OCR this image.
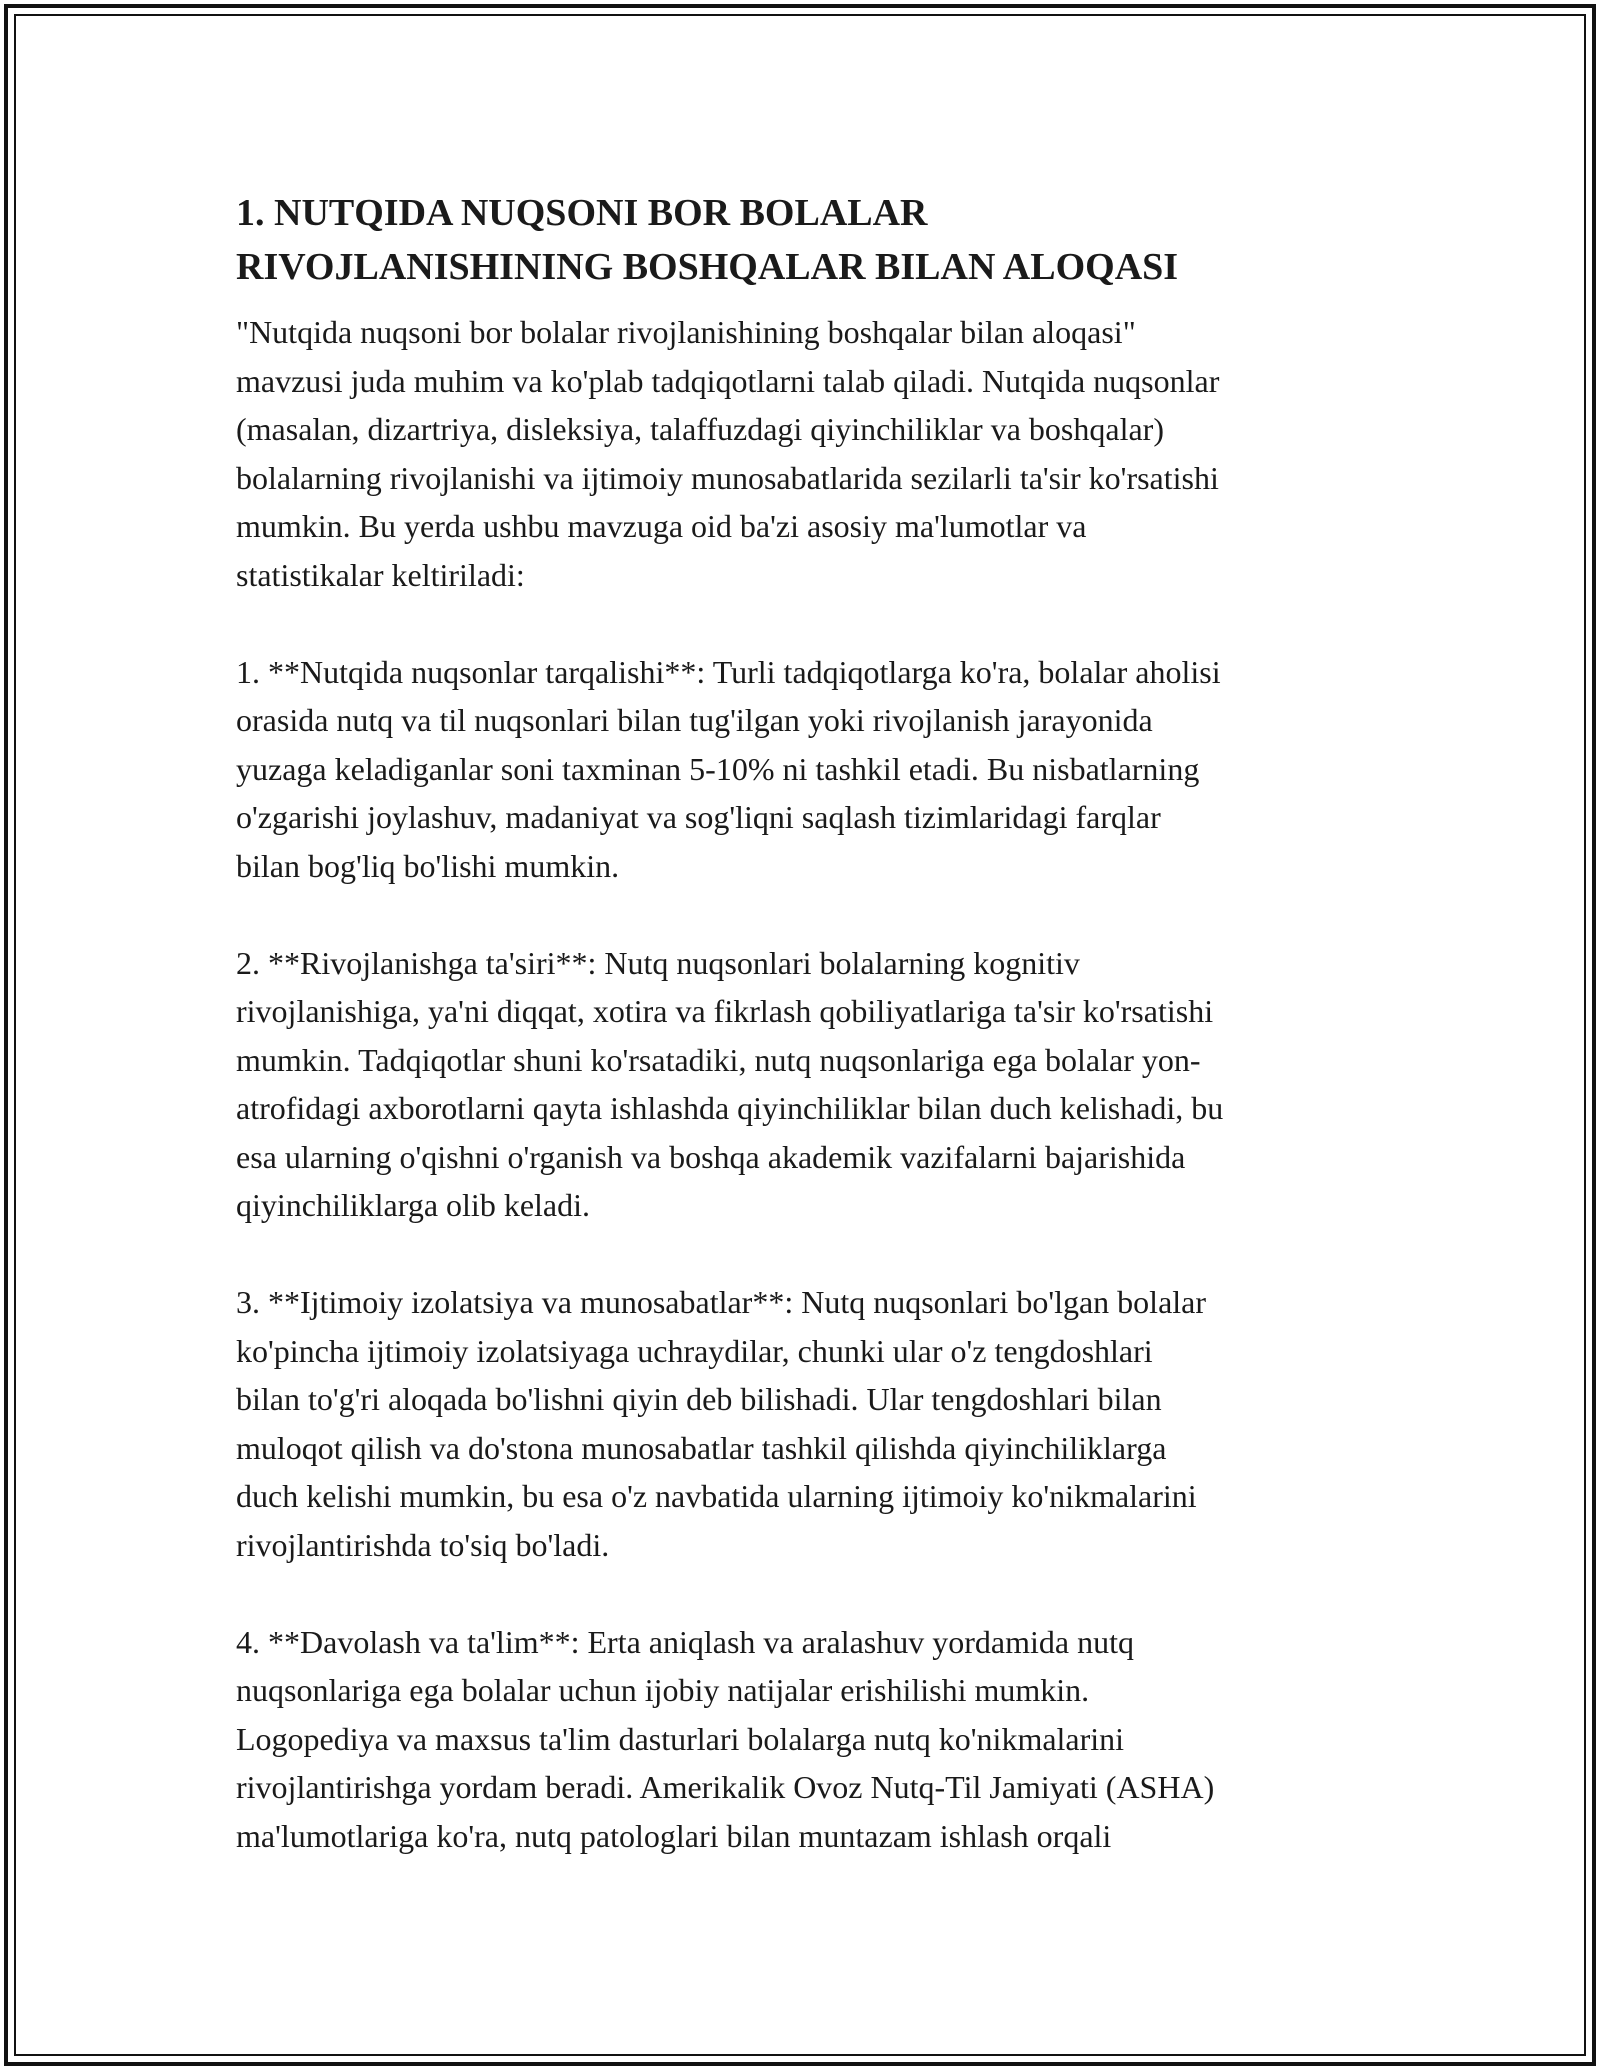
1. NUTQIDA NUQSONI BOR BOLALAR
RIVOJLANISHINING BOSHQALAR BILAN ALOQASI
"Nutqida nuqsoni bor bolalar rivojlanishining boshqalar bilan aloqasi"
mavzusi juda muhim va ko'plab tadqiqotlarni talab qiladi. Nutqida nuqsonlar
(masalan, dizartriya, disleksiya, talaffuzdagi qiyinchiliklar va boshqalar)
bolalarning rivojlanishi va ijtimoiy munosabatlarida sezilarli ta'sir ko'rsatishi
mumkin. Bu yerda ushbu mavzuga oid ba'zi asosiy ma'lumotlar va
statistikalar keltiriladi:
1. **Nutqida nuqsonlar tarqalishi**: Turli tadqiqotlarga ko'ra, bolalar aholisi
orasida nutq va til nuqsonlari bilan tug'ilgan yoki rivojlanish jarayonida
yuzaga keladiganlar soni taxminan 5-10% ni tashkil etadi. Bu nisbatlarning
o'zgarishi joylashuv, madaniyat va sog'liqni saqlash tizimlaridagi farqlar
bilan bog'liq bo'lishi mumkin.
2. **Rivojlanishga ta'siri**: Nutq nuqsonlari bolalarning kognitiv
rivojlanishiga, ya'ni diqqat, xotira va fikrlash qobiliyatlariga ta'sir ko'rsatishi
mumkin. Tadqiqotlar shuni ko'rsatadiki, nutq nuqsonlariga ega bolalar yon-
atrofidagi axborotlarni qayta ishlashda qiyinchiliklar bilan duch kelishadi, bu
esa ularning o'qishni o'rganish va boshqa akademik vazifalarni bajarishida
qiyinchiliklarga olib keladi.
3. **Ijtimoiy izolatsiya va munosabatlar**: Nutq nuqsonlari bo'lgan bolalar
ko'pincha ijtimoiy izolatsiyaga uchraydilar, chunki ular o'z tengdoshlari
bilan to'g'ri aloqada bo'lishni qiyin deb bilishadi. Ular tengdoshlari bilan
muloqot qilish va do'stona munosabatlar tashkil qilishda qiyinchiliklarga
duch kelishi mumkin, bu esa o'z navbatida ularning ijtimoiy ko'nikmalarini
rivojlantirishda to'siq bo'ladi.
4. **Davolash va ta'lim**: Erta aniqlash va aralashuv yordamida nutq
nuqsonlariga ega bolalar uchun ijobiy natijalar erishilishi mumkin.
Logopediya va maxsus ta'lim dasturlari bolalarga nutq ko'nikmalarini
rivojlantirishga yordam beradi. Amerikalik Ovoz Nutq-Til Jamiyati (ASHA)
ma'lumotlariga ko'ra, nutq patologlari bilan muntazam ishlash orqali
